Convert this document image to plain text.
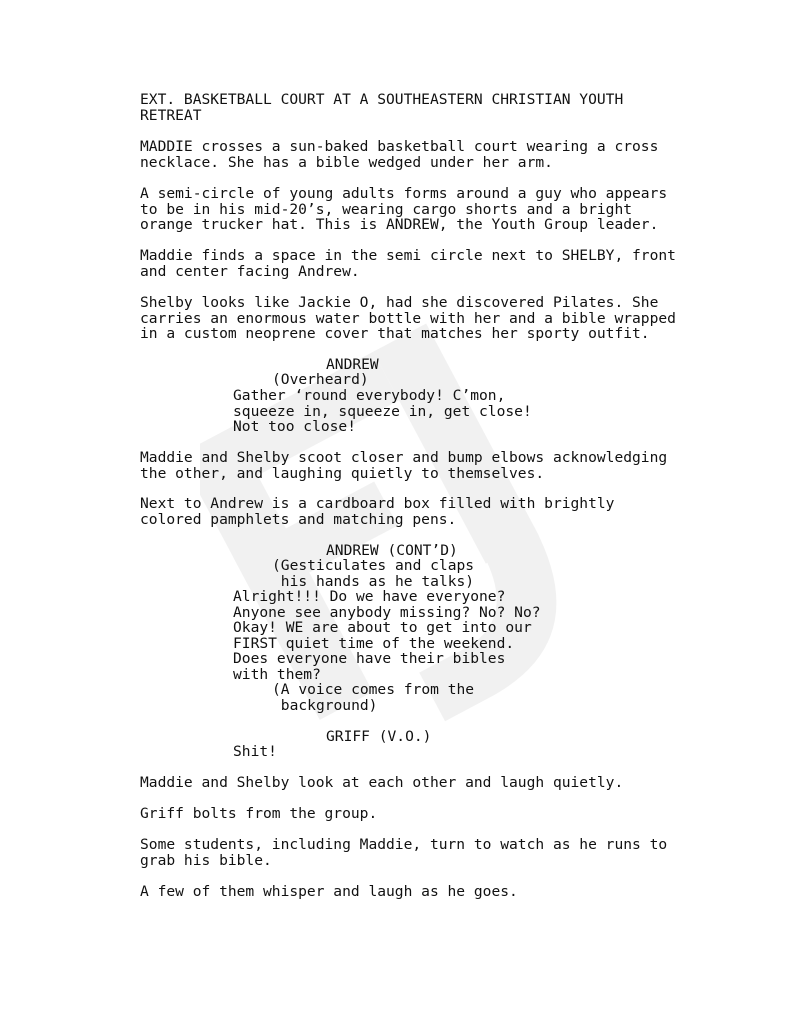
EXT. BASKETBALL COURT AT A SOUTHEASTERN CHRISTIAN YOUTH
RETREAT
MADDIE crosses a sun-baked basketball court wearing a cross
necklace. She has a bible wedged under her arm.
A semi-circle of young adults forms around a guy who appears
to be in his mid-20’s, wearing cargo shorts and a bright
orange trucker hat. This is ANDREW, the Youth Group leader.
Maddie finds a space in the semi circle next to SHELBY, front
and center facing Andrew.
Shelby looks like Jackie O, had she discovered Pilates. She
carries an enormous water bottle with her and a bible wrapped
in a custom neoprene cover that matches her sporty outfit.
ANDREW
(Overheard)
Gather ‘round everybody! C’mon,
squeeze in, squeeze in, get close!
Not too close!
Maddie and Shelby scoot closer and bump elbows acknowledging
the other, and laughing quietly to themselves.
Next to Andrew is a cardboard box filled with brightly
colored pamphlets and matching pens.
ANDREW (CONT’D)
(Gesticulates and claps
his hands as he talks)
Alright!!! Do we have everyone?
Anyone see anybody missing? No? No?
Okay! WE are about to get into our
FIRST quiet time of the weekend.
Does everyone have their bibles
with them?
(A voice comes from the
background)
GRIFF (V.O.)
Shit!
Maddie and Shelby look at each other and laugh quietly.
Griff bolts from the group.
Some students, including Maddie, turn to watch as he runs to
grab his bible.
A few of them whisper and laugh as he goes.
